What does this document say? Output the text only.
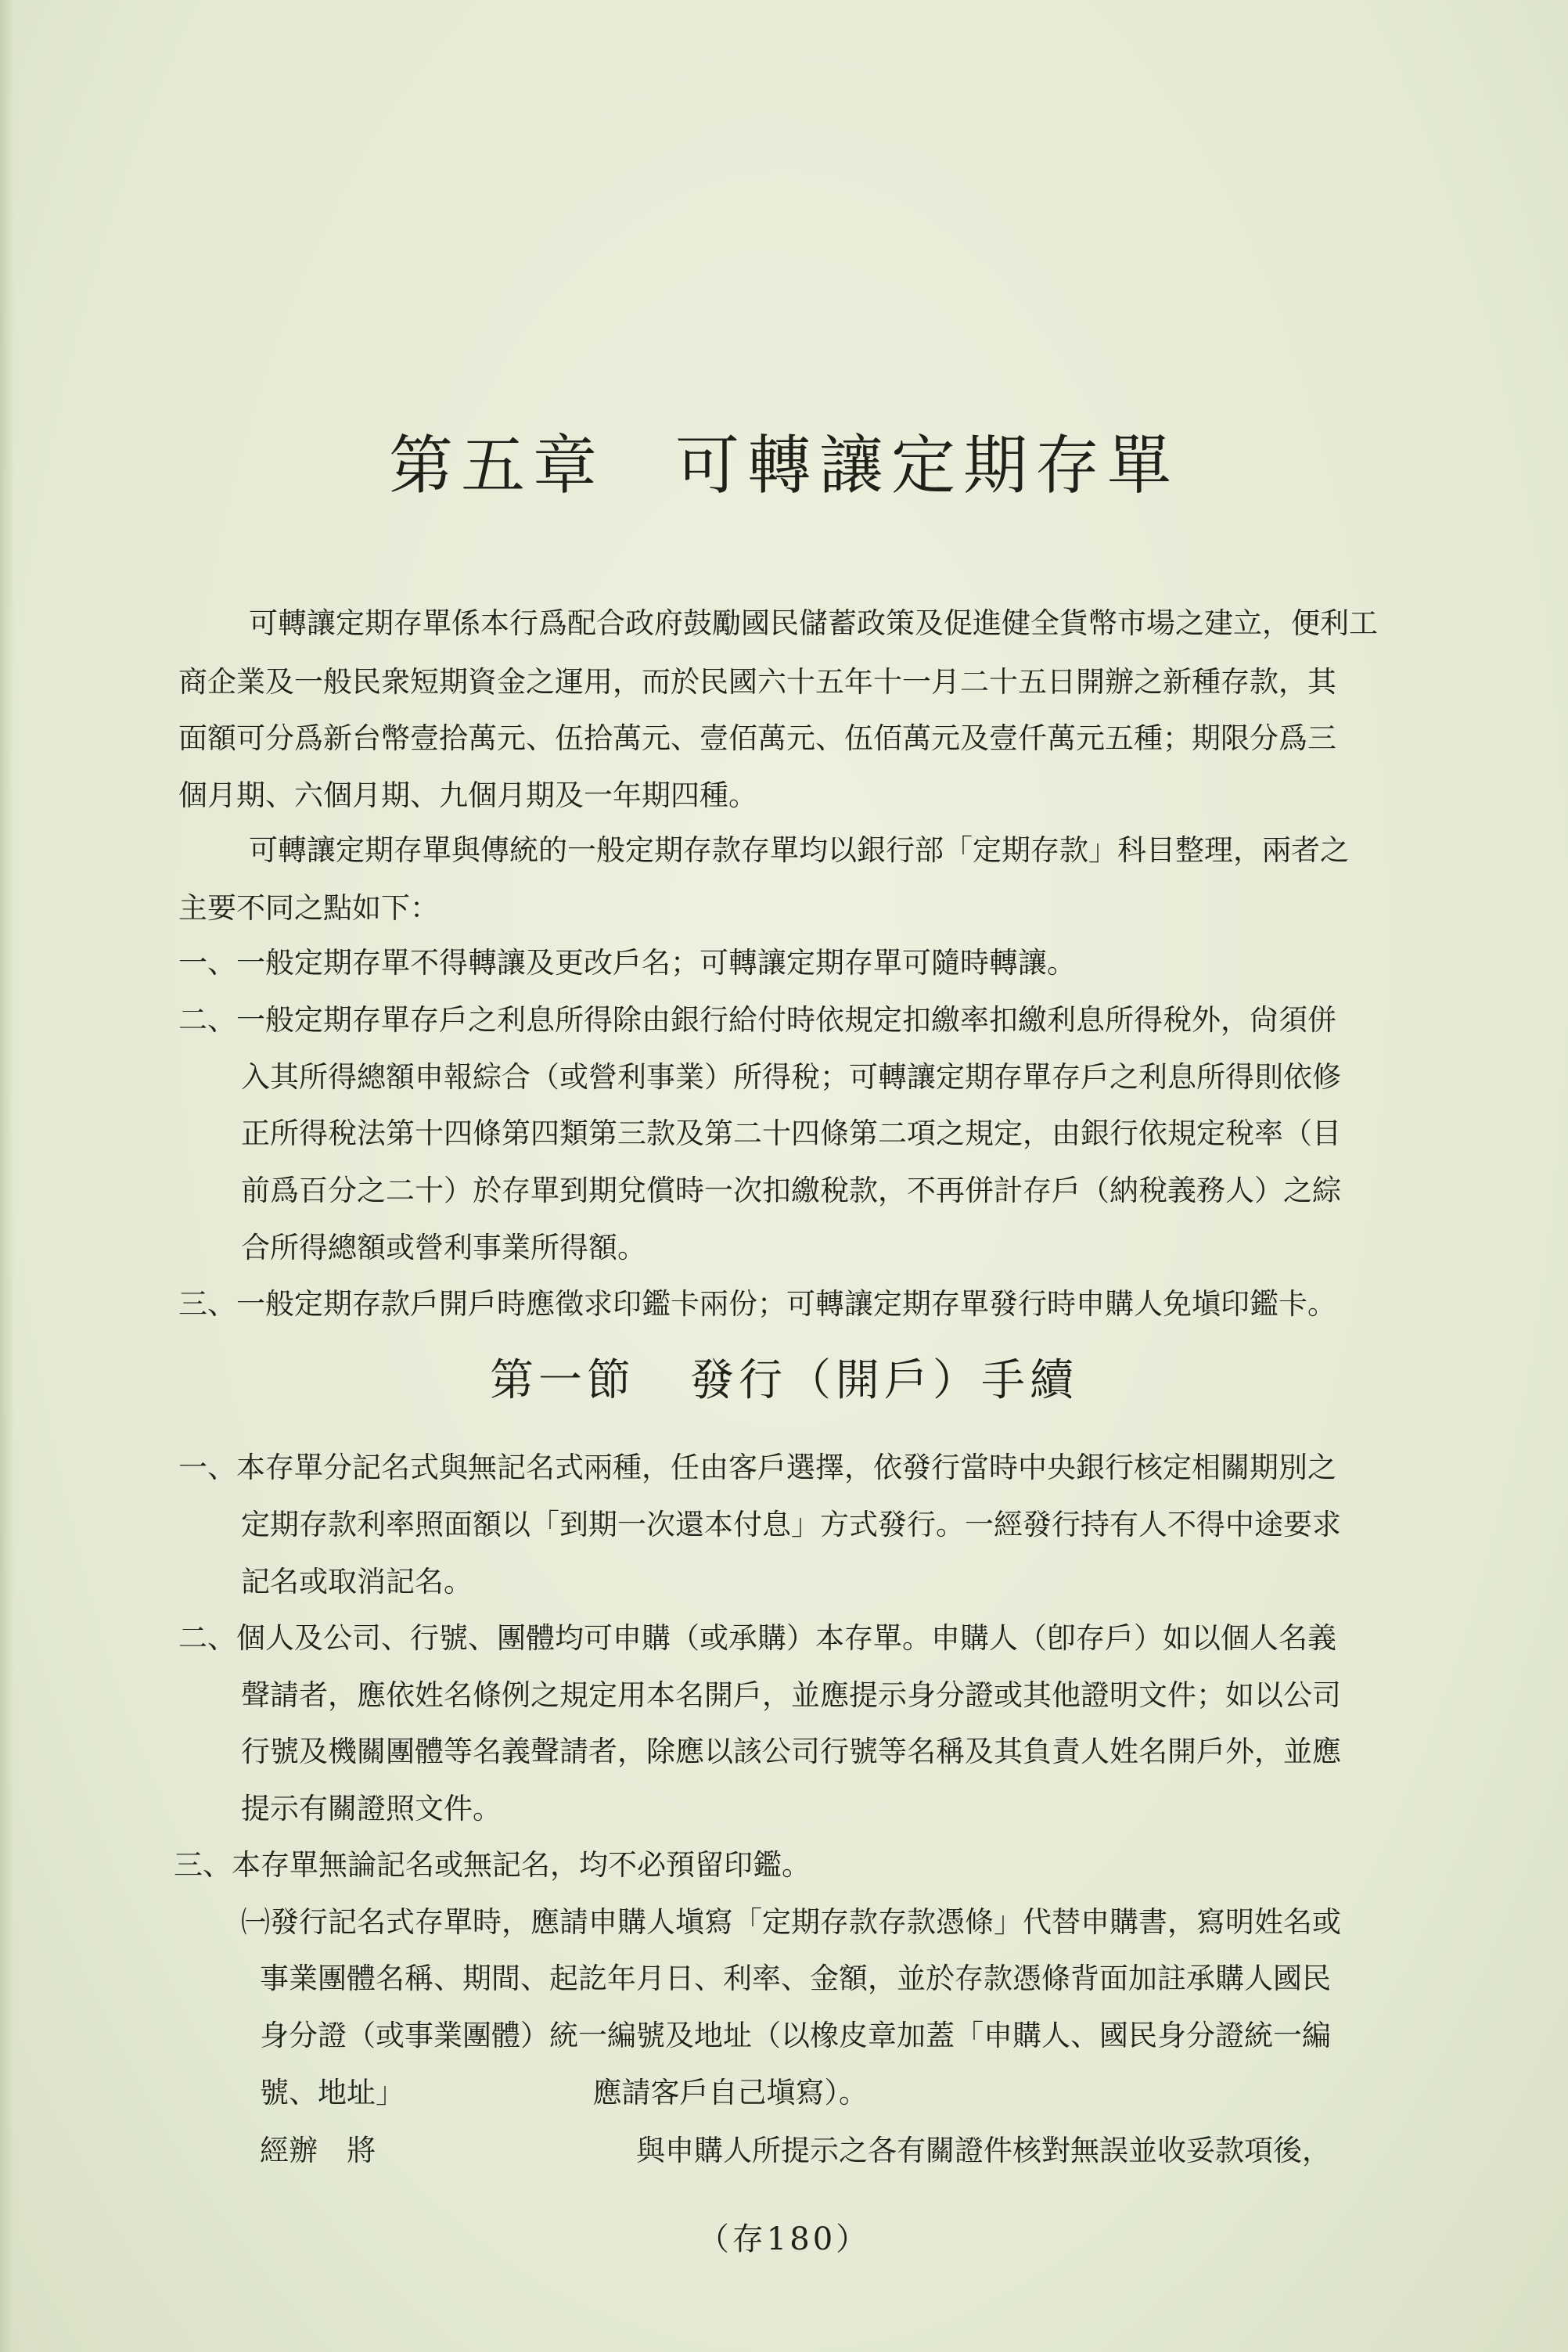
第五章 可轉讓定期存單
可轉讓定期存單係本行爲配合政府鼓勵國民儲蓄政策及促進健全貨幣市場之建立，便利工
商企業及一般民衆短期資金之運用，而於民國六十五年十一月二十五日開辦之新種存款，其
面額可分爲新台幣壹拾萬元、伍拾萬元、壹佰萬元、伍佰萬元及壹仟萬元五種；期限分爲三
個月期、六個月期、九個月期及一年期四種。
可轉讓定期存單與傳統的一般定期存款存單均以銀行部「定期存款」科目整理，兩者之
主要不同之點如下：
一、一般定期存單不得轉讓及更改戶名；可轉讓定期存單可隨時轉讓。
二、一般定期存單存戶之利息所得除由銀行給付時依規定扣繳率扣繳利息所得稅外，尙須併
入其所得總額申報綜合（或營利事業）所得稅；可轉讓定期存單存戶之利息所得則依修
正所得稅法第十四條第四類第三款及第二十四條第二項之規定，由銀行依規定稅率（目
前爲百分之二十）於存單到期兌償時一次扣繳稅款，不再併計存戶（納稅義務人）之綜
合所得總額或營利事業所得額。
三、一般定期存款戶開戶時應徵求印鑑卡兩份；可轉讓定期存單發行時申購人免塡印鑑卡。
第一節 發行（開戶）手續
一、本存單分記名式與無記名式兩種，任由客戶選擇，依發行當時中央銀行核定相關期別之
定期存款利率照面額以「到期一次還本付息」方式發行。一經發行持有人不得中途要求
記名或取消記名。
二、個人及公司、行號、團體均可申購（或承購）本存單。申購人（卽存戶）如以個人名義
聲請者，應依姓名條例之規定用本名開戶，並應提示身分證或其他證明文件；如以公司
行號及機關團體等名義聲請者，除應以該公司行號等名稱及其負責人姓名開戶外，並應
提示有關證照文件。
三、本存單無論記名或無記名，均不必預留印鑑。
㈠發行記名式存單時，應請申購人塡寫「定期存款存款憑條」代替申購書，寫明姓名或
事業團體名稱、期間、起訖年月日、利率、金額，並於存款憑條背面加註承購人國民
身分證（或事業團體）統一編號及地址（以橡皮章加蓋「申購人、國民身分證統一編
號、地址」　　　　　　　應請客戶自己塡寫）。
經辦　將　　　　　　　　　與申購人所提示之各有關證件核對無誤並收妥款項後，
（存180）
